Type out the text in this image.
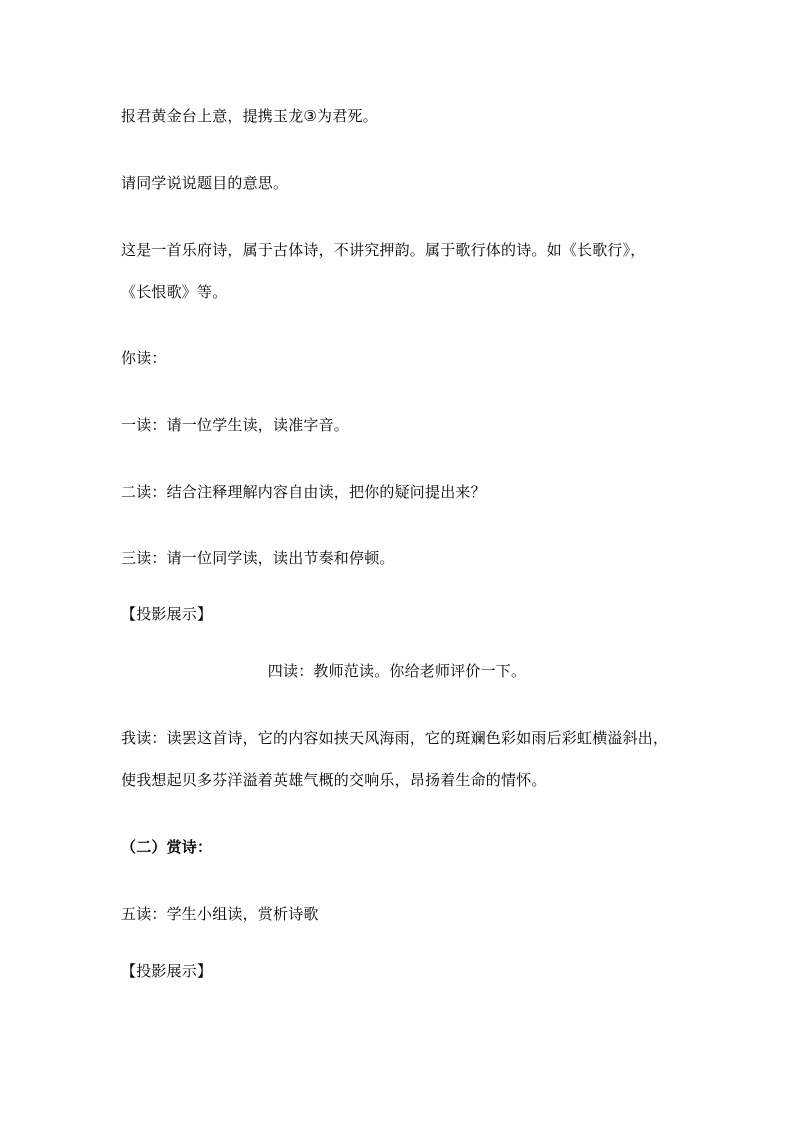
报君黄金台上意，提携玉龙③为君死。
请同学说说题目的意思。
这是一首乐府诗，属于古体诗，不讲究押韵。属于歌行体的诗。如《长歌行》，
《长恨歌》等。
你读：
一读：请一位学生读，读准字音。
二读：结合注释理解内容自由读，把你的疑问提出来？
三读：请一位同学读，读出节奏和停顿。
【投影展示】
四读：教师范读。你给老师评价一下。
我读：读罢这首诗，它的内容如挟天风海雨，它的斑斓色彩如雨后彩虹横溢斜出，
使我想起贝多芬洋溢着英雄气概的交响乐，昂扬着生命的情怀。
（二）赏诗：
五读：学生小组读，赏析诗歌
【投影展示】
